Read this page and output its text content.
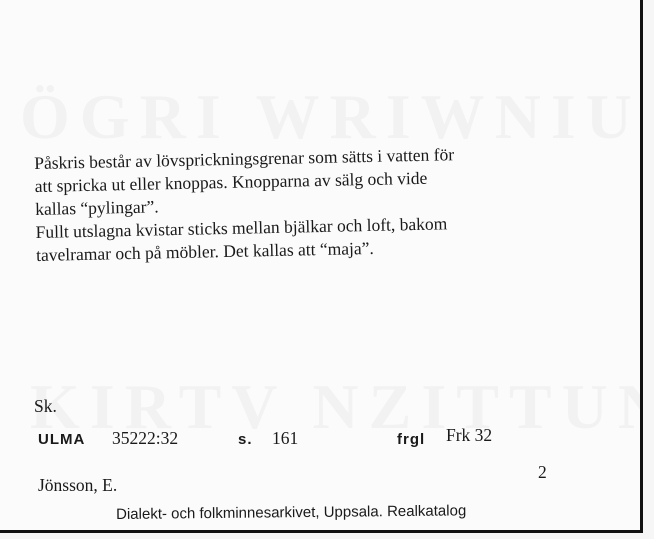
Påskris består av lövsprickningsgrenar som sätts i vatten för

att spricka ut eller knoppas. Knopparna av sälg och vide

kallas “pylingar”.

Fullt utslagna kvistar sticks mellan bjälkar och loft, bakom

tavelramar och på möbler. Det kallas att “maja”.

Sk.
ULMA 35222:32	s. 161	frgl Frk 32
Jönsson, E.
2
Dialekt- och folkminnesarkivet, Uppsala. Realkatalog
